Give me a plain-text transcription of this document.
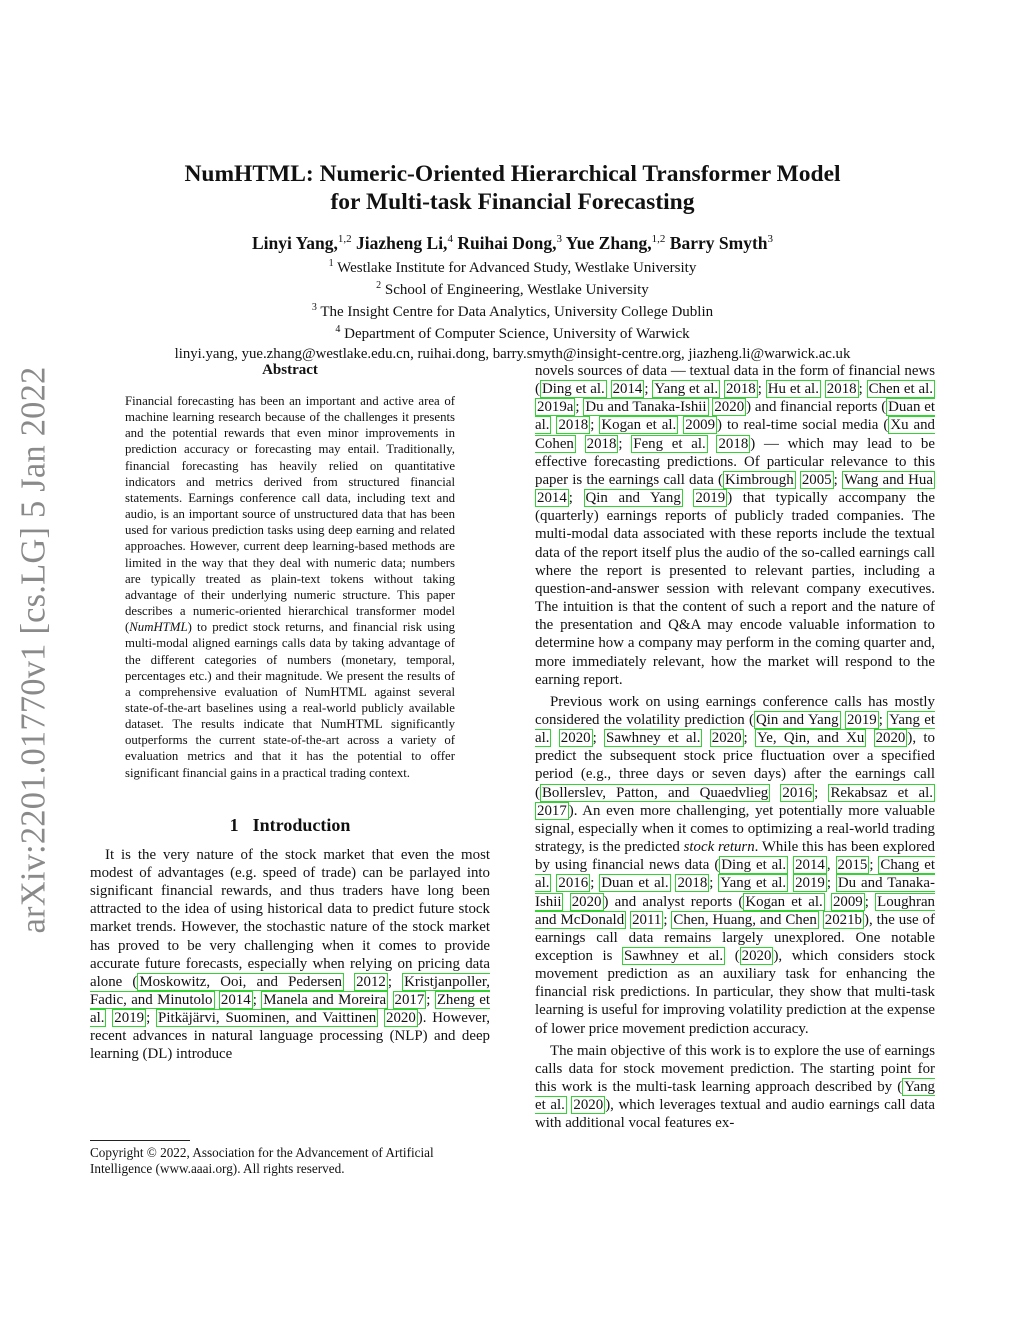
arXiv:2201.01770v1 [cs.LG] 5 Jan 2022
NumHTML: Numeric-Oriented Hierarchical Transformer Model
for Multi-task Financial Forecasting
Linyi Yang,$^{1,2}$ Jiazheng Li,$^4$ Ruihai Dong,$^3$ Yue Zhang,$^{1,2}$ Barry Smyth$^3$
$^1$ Westlake Institute for Advanced Study, Westlake University
$^2$ School of Engineering, Westlake University
$^3$ The Insight Centre for Data Analytics, University College Dublin
$^4$ Department of Computer Science, University of Warwick
linyi.yang, yue.zhang@westlake.edu.cn, ruihai.dong, barry.smyth@insight-centre.org, jiazheng.li@warwick.ac.uk
Abstract
Financial forecasting has been an important and active area of machine learning research because of the challenges it presents and the potential rewards that even minor improvements in prediction accuracy or forecasting may entail. Traditionally, financial forecasting has heavily relied on quantitative indicators and metrics derived from structured financial statements. Earnings conference call data, including text and audio, is an important source of unstructured data that has been used for various prediction tasks using deep earning and related approaches. However, current deep learning-based methods are limited in the way that they deal with numeric data; numbers are typically treated as plain-text tokens without taking advantage of their underlying numeric structure. This paper describes a numeric-oriented hierarchical transformer model (NumHTML) to predict stock returns, and financial risk using multi-modal aligned earnings calls data by taking advantage of the different categories of numbers (monetary, temporal, percentages etc.) and their magnitude. We present the results of a comprehensive evaluation of NumHTML against several state-of-the-art baselines using a real-world publicly available dataset. The results indicate that NumHTML significantly outperforms the current state-of-the-art across a variety of evaluation metrics and that it has the potential to offer significant financial gains in a practical trading context.
1 Introduction

It is the very nature of the stock market that even the most modest of advantages (e.g. speed of trade) can be parlayed into significant financial rewards, and thus traders have long been attracted to the idea of using historical data to predict future stock market trends. However, the stochastic nature of the stock market has proved to be very challenging when it comes to provide accurate future forecasts, especially when relying on pricing data alone ( Moskowitz, Ooi, and Pedersen 2012 ; Kristjanpoller, Fadic, and Minutolo 2014 ; Manela and Moreira 2017 ; Zheng et al. 2019 ; Pitkäjärvi, Suominen, and Vaittinen 2020 ). However, recent advances in natural language processing (NLP) and deep learning (DL) introduce

Copyright © 2022, Association for the Advancement of Artificial Intelligence (www.aaai.org). All rights reserved.

novels sources of data — textual data in the form of financial news ( Ding et al. 2014 ; Yang et al. 2018 ; Hu et al. 2018 ; Chen et al. 2019a ; Du and Tanaka-Ishii 2020 ) and financial reports ( Duan et al. 2018 ; Kogan et al. 2009 ) to real-time social media ( Xu and Cohen 2018 ; Feng et al. 2018 ) — which may lead to be effective forecasting predictions. Of particular relevance to this paper is the earnings call data ( Kimbrough 2005 ; Wang and Hua 2014 ; Qin and Yang 2019 ) that typically accompany the (quarterly) earnings reports of publicly traded companies. The multi-modal data associated with these reports include the textual data of the report itself plus the audio of the so-called earnings call where the report is presented to relevant parties, including a question-and-answer session with relevant company executives. The intuition is that the content of such a report and the nature of the presentation and Q&A may encode valuable information to determine how a company may perform in the coming quarter and, more immediately relevant, how the market will respond to the earning report.

Previous work on using earnings conference calls has mostly considered the volatility prediction ( Qin and Yang 2019 ; Yang et al. 2020 ; Sawhney et al. 2020 ; Ye, Qin, and Xu 2020 ), to predict the subsequent stock price fluctuation over a specified period (e.g., three days or seven days) after the earnings call ( Bollerslev, Patton, and Quaedvlieg 2016 ; Rekabsaz et al. 2017 ). An even more challenging, yet potentially more valuable signal, especially when it comes to optimizing a real-world trading strategy, is the predicted stock return. While this has been explored by using financial news data ( Ding et al. 2014 , 2015 ; Chang et al. 2016 ; Duan et al. 2018 ; Yang et al. 2019 ; Du and Tanaka-Ishii 2020 ) and analyst reports ( Kogan et al. 2009 ; Loughran and McDonald 2011 ; Chen, Huang, and Chen 2021b ), the use of earnings call data remains largely unexplored. One notable exception is Sawhney et al. ( 2020 ), which considers stock movement prediction as an auxiliary task for enhancing the financial risk predictions. In particular, they show that multi-task learning is useful for improving volatility prediction at the expense of lower price movement prediction accuracy.

The main objective of this work is to explore the use of earnings calls data for stock movement prediction. The starting point for this work is the multi-task learning approach described by ( Yang et al. 2020 ), which leverages textual and audio earnings call data with additional vocal features ex-
